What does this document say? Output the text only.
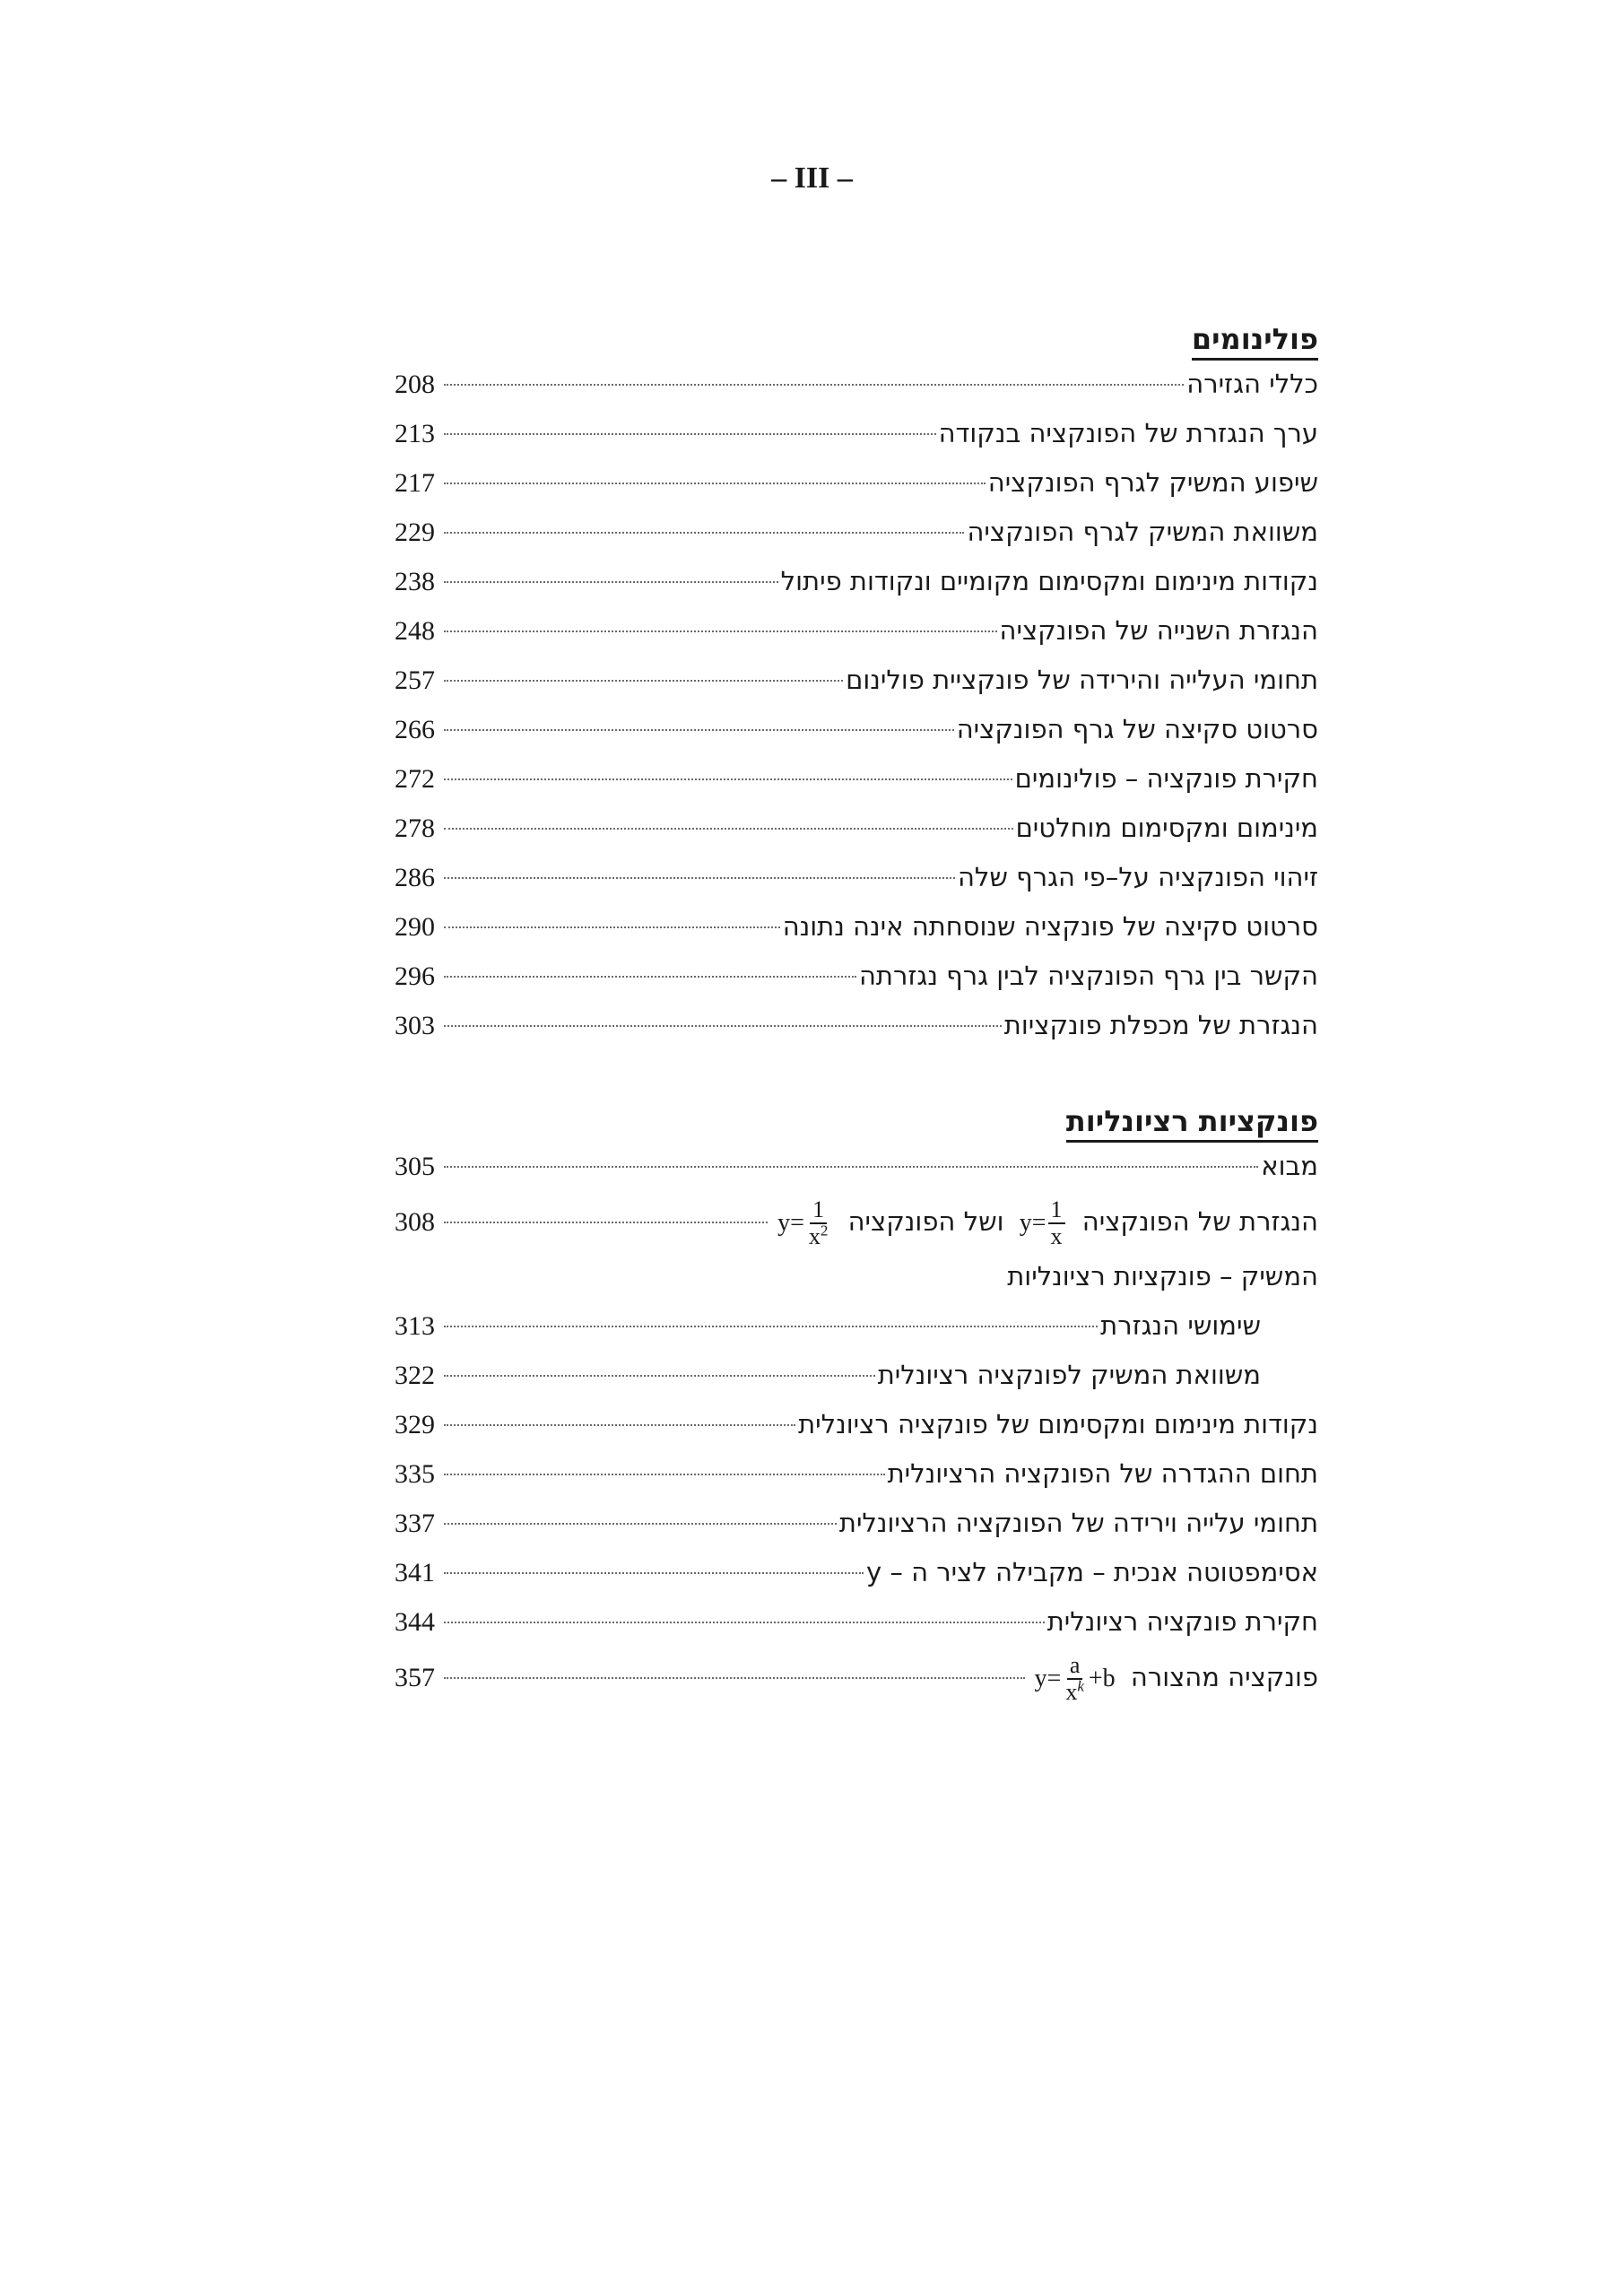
– III –
פולינומים
כללי הגזירה
208
ערך הנגזרת של הפונקציה בנקודה
213
שיפוע המשיק לגרף הפונקציה
217
משוואת המשיק לגרף הפונקציה
229
נקודות מינימום ומקסימום מקומיים ונקודות פיתול
238
הנגזרת השנייה של הפונקציה
248
תחומי העלייה והירידה של פונקציית פולינום
257
סרטוט סקיצה של גרף הפונקציה
266
חקירת פונקציה – פולינומים
272
מינימום ומקסימום מוחלטים
278
זיהוי הפונקציה על–פי הגרף שלה
286
סרטוט סקיצה של פונקציה שנוסחתה אינה נתונה
290
הקשר בין גרף הפונקציה לבין גרף נגזרתה
296
הנגזרת של מכפלת פונקציות
303
פונקציות רציונליות
מבוא
305
הנגזרת של הפונקציה
$y= \frac{1}{x}$
ושל הפונקציה
$y= \frac{1}{x^2}$
308
המשיק – פונקציות רציונליות
שימושי הנגזרת
313
משוואת המשיק לפונקציה רציונלית
322
נקודות מינימום ומקסימום של פונקציה רציונלית
329
תחום ההגדרה של הפונקציה הרציונלית
335
תחומי עלייה וירידה של הפונקציה הרציונלית
337
אסימפטוטה אנכית – מקבילה לציר ה – y
341
חקירת פונקציה רציונלית
344
פונקציה מהצורה
$y= \frac{a}{x^k} +b$
357
